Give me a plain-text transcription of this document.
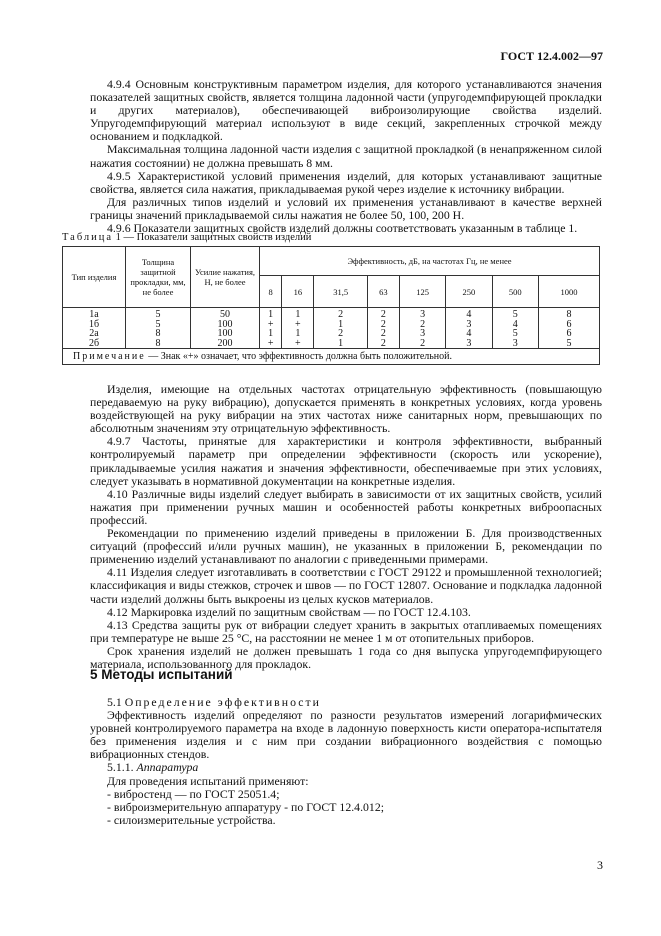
ГОСТ 12.4.002—97

4.9.4 Основным конструктивным параметром изделия, для которого устанавливаются значения показателей защитных свойств, является толщина ладонной части (упругодемпфирующей прокладки и других материалов), обеспечивающей виброизолирующие свойства изделий. Упругодемпфирующий материал используют в виде секций, закрепленных строчкой между основанием и подкладкой.

Максимальная толщина ладонной части изделия с защитной прокладкой (в ненапряженном силой нажатия состоянии) не должна превышать 8 мм.

4.9.5 Характеристикой условий применения изделий, для которых устанавливают защитные свойства, является сила нажатия, прикладываемая рукой через изделие к источнику вибрации.

Для различных типов изделий и условий их применения устанавливают в качестве верхней границы значений прикладываемой силы нажатия не более 50, 100, 200 Н.

4.9.6 Показатели защитных свойств изделий должны соответствовать указанным в таблице 1.

Таблица 1 — Показатели защитных свойств изделий
Тип изделия	Толщина защитной прокладки, мм, не более	Усилие нажатия, Н, не более	Эффективность, дБ, на частотах Гц, не менее							
			8	16	31,5	63	125	250	500	1000
1а	5	50	1	1	2	2	3	4	5	8
1б	5	100	+	+	1	2	2	3	4	6
2а	8	100	1	1	2	2	3	4	5	6
2б	8	200	+	+	1	2	2	3	3	5
Примечание — Знак «+» означает, что эффективность должна быть положительной.										

Изделия, имеющие на отдельных частотах отрицательную эффективность (повышающую передаваемую на руку вибрацию), допускается применять в конкретных условиях, когда уровень воздействующей на руку вибрации на этих частотах ниже санитарных норм, превышающих по абсолютным значениям эту отрицательную эффективность.

4.9.7 Частоты, принятые для характеристики и контроля эффективности, выбранный контролируемый параметр при определении эффективности (скорость или ускорение), прикладываемые усилия нажатия и значения эффективности, обеспечиваемые при этих условиях, следует указывать в нормативной документации на конкретные изделия.

4.10 Различные виды изделий следует выбирать в зависимости от их защитных свойств, усилий нажатия при применении ручных машин и особенностей работы конкретных виброопасных профессий.

Рекомендации по применению изделий приведены в приложении Б. Для производственных ситуаций (профессий и/или ручных машин), не указанных в приложении Б, рекомендации по применению изделий устанавливают по аналогии с приведенными примерами.

4.11 Изделия следует изготавливать в соответствии с ГОСТ 29122 и промышленной технологией; классификация и виды стежков, строчек и швов — по ГОСТ 12807. Основание и подкладка ладонной части изделий должны быть выкроены из целых кусков материалов.

4.12 Маркировка изделий по защитным свойствам — по ГОСТ 12.4.103.

4.13 Средства защиты рук от вибрации следует хранить в закрытых отапливаемых помещениях при температуре не выше 25 °С, на расстоянии не менее 1 м от отопительных приборов.

Срок хранения изделий не должен превышать 1 года со дня выпуска упругодемпфирующего материала, использованного для прокладок.

5 Методы испытаний

5.1 Определение эффективности

Эффективность изделий определяют по разности результатов измерений логарифмических уровней контролируемого параметра на входе в ладонную поверхность кисти оператора-испытателя без применения изделия и с ним при создании вибрационного воздействия с помощью вибрационных стендов.

5.1.1. Аппаратура

Для проведения испытаний применяют:

- вибростенд — по ГОСТ 25051.4;

- виброизмерительную аппаратуру - по ГОСТ 12.4.012;

- силоизмерительные устройства.

3
